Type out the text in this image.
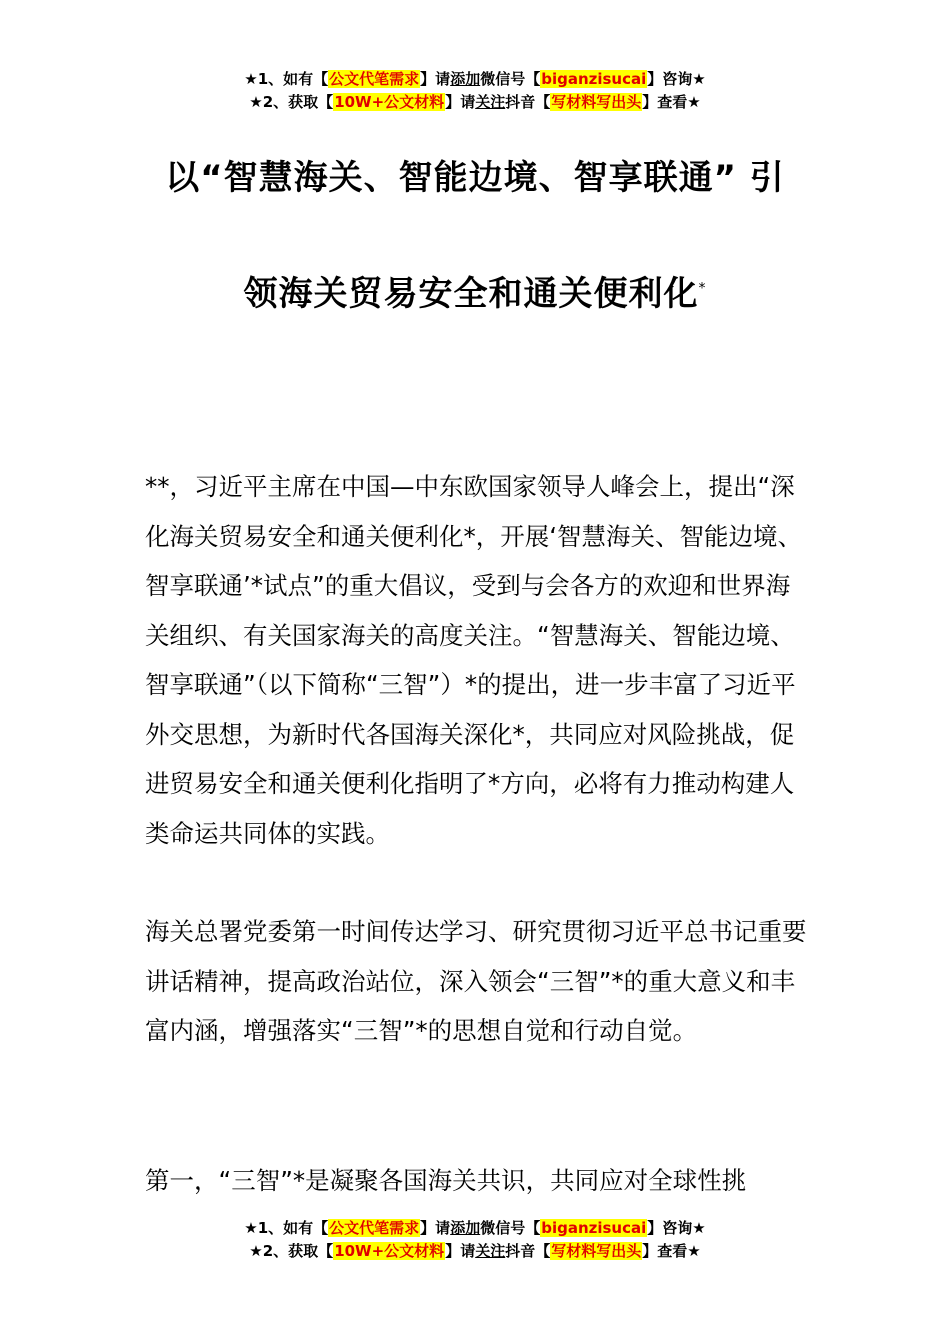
★1、如有【公文代笔需求】请添加微信号【biganzisucai】咨询★
★2、获取【10W+公文材料】请关注抖音【写材料写出头】查看★
以“智慧海关、智能边境、智享联通” 引
领海关贸易安全和通关便利化*

**，习近平主席在中国—中东欧国家领导人峰会上，提出“深化海关贸易安全和通关便利化*，开展‘智慧海关、智能边境、智享联通’*试点”的重大倡议，受到与会各方的欢迎和世界海关组织、有关国家海关的高度关注。“智慧海关、智能边境、智享联通”（以下简称“三智”）*的提出，进一步丰富了习近平外交思想，为新时代各国海关深化*，共同应对风险挑战，促进贸易安全和通关便利化指明了*方向，必将有力推动构建人类命运共同体的实践。

海关总署党委第一时间传达学习、研究贯彻习近平总书记重要讲话精神，提高政治站位，深入领会“三智”*的重大意义和丰富内涵，增强落实“三智”*的思想自觉和行动自觉。

第一，“三智”*是凝聚各国海关共识，共同应对全球性挑

★1、如有【公文代笔需求】请添加微信号【biganzisucai】咨询★
★2、获取【10W+公文材料】请关注抖音【写材料写出头】查看★
